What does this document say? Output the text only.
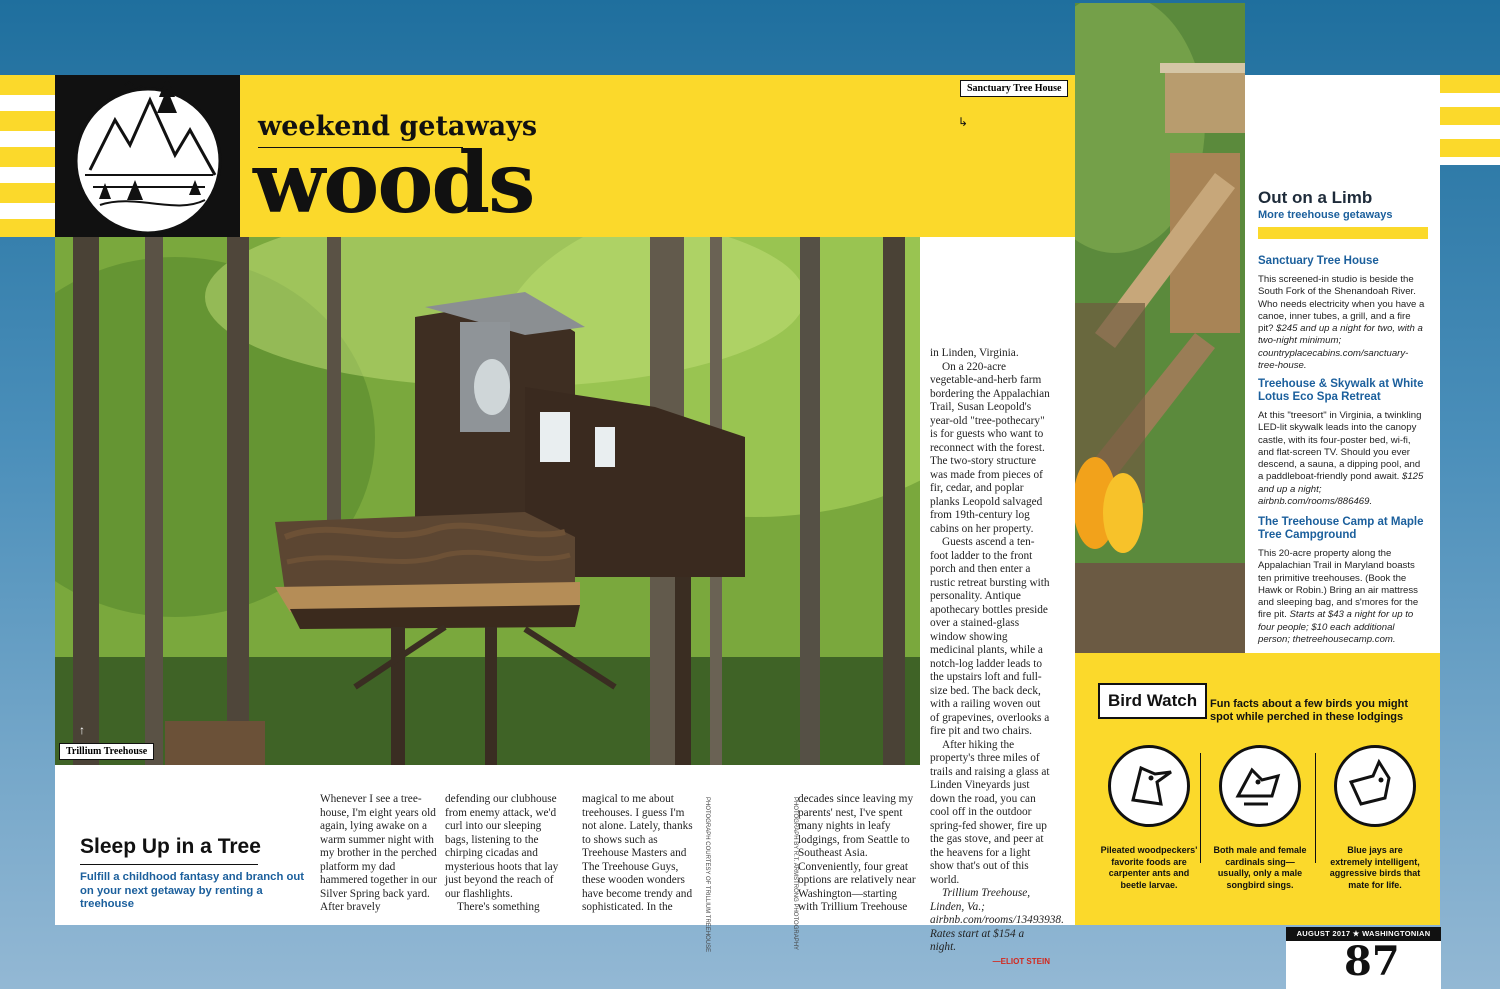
weekend getaways
woods
Sanctuary Tree House
↳
↑
Trillium Treehouse
Sleep Up in a Tree
Fulfill a childhood fantasy and branch out on your next getaway by renting a treehouse

Whenever I see a tree-house, I'm eight years old again, lying awake on a warm summer night with my brother in the perched platform my dad hammered together in our Silver Spring back yard. After bravely

defending our clubhouse from enemy attack, we'd curl into our sleeping bags, listening to the chirping cicadas and mysterious hoots that lay just beyond the reach of our flashlights.

There's something

magical to me about treehouses. I guess I'm not alone. Lately, thanks to shows such as Treehouse Masters and The Treehouse Guys, these wooden wonders have become trendy and sophisticated. In the	PHOTOGRAPH COURTESY OF TRILLIUM TREEHOUSE	PHOTOGRAPH BY R.T. ARMSTRONG PHOTOGRAPHY decades since leaving my parents' nest, I've spent many nights in leafy lodgings, from Seattle to Southeast Asia. Conveniently, four great options are relatively near Washington—starting with Trillium Treehouse

in Linden, Virginia.

On a 220-acre vegetable-and-herb farm bordering the Appalachian Trail, Susan Leopold's year-old "tree-pothecary" is for guests who want to reconnect with the forest. The two-story structure was made from pieces of fir, cedar, and poplar planks Leopold salvaged from 19th-century log cabins on her property.

Guests ascend a ten-foot ladder to the front porch and then enter a rustic retreat bursting with personality. Antique apothecary bottles preside over a stained-glass window showing medicinal plants, while a notch-log ladder leads to the upstairs loft and full-size bed. The back deck, with a railing woven out of grapevines, overlooks a fire pit and two chairs.

After hiking the property's three miles of trails and raising a glass at Linden Vineyards just down the road, you can cool off in the outdoor spring-fed shower, fire up the gas stove, and peer at the heavens for a light show that's out of this world.

Trillium Treehouse, Linden, Va.; airbnb.com/rooms/13493938. Rates start at $154 a night.

—ELIOT STEIN

Out on a Limb
More treehouse getaways
Sanctuary Tree House
This screened-in studio is beside the South Fork of the Shenandoah River. Who needs electricity when you have a canoe, inner tubes, a grill, and a fire pit? $245 and up a night for two, with a two-night minimum; countryplacecabins.com/sanctuary-tree-house.
Treehouse & Skywalk at White Lotus Eco Spa Retreat
At this "treesort" in Virginia, a twinkling LED-lit skywalk leads into the canopy castle, with its four-poster bed, wi-fi, and flat-screen TV. Should you ever descend, a sauna, a dipping pool, and a paddleboat-friendly pond await. $125 and up a night; airbnb.com/rooms/886469.
The Treehouse Camp at Maple Tree Campground
This 20-acre property along the Appalachian Trail in Maryland boasts ten primitive treehouses. (Book the Hawk or Robin.) Bring an air mattress and sleeping bag, and s'mores for the fire pit. Starts at $43 a night for up to four people; $10 each additional person; thetreehousecamp.com.
Bird Watch	Fun facts about a few birds you might spot while perched in these lodgings
Pileated woodpeckers' favorite foods are carpenter ants and beetle larvae.
Both male and female cardinals sing—usually, only a male songbird sings.
Blue jays are extremely intelligent, aggressive birds that mate for life.
AUGUST 2017 ★ WASHINGTONIAN
87
